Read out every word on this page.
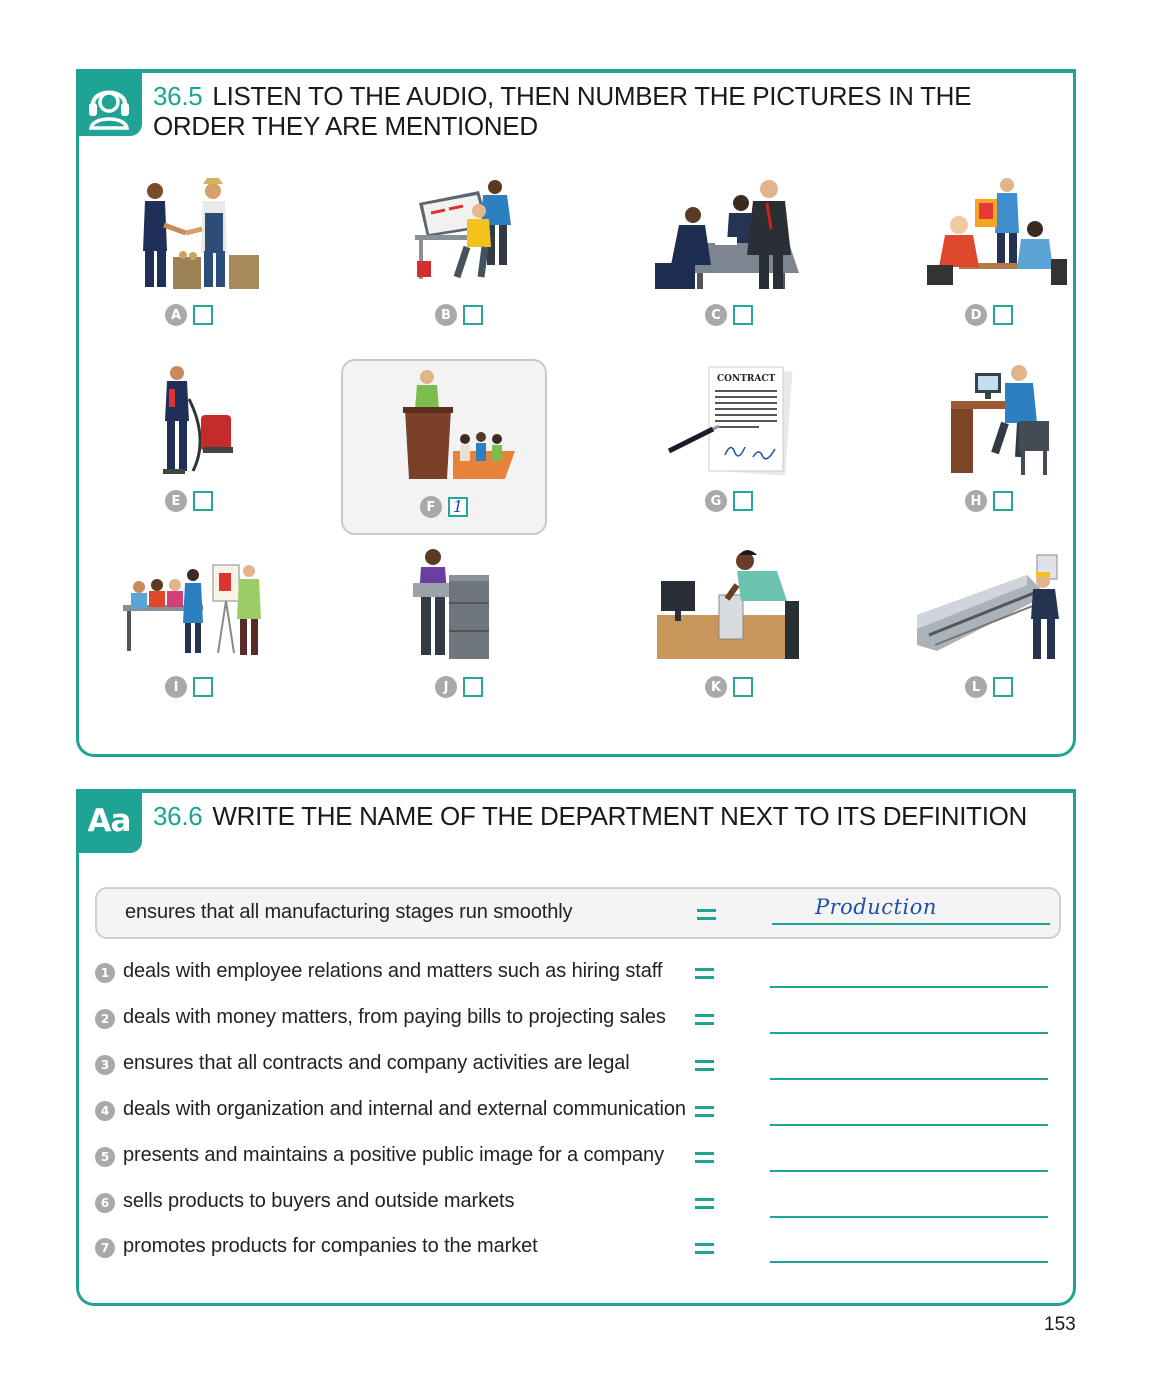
36.5 LISTEN TO THE AUDIO, THEN NUMBER THE PICTURES IN THE ORDER THEY ARE MENTIONED
A	B	C	D
E	F	1
CONTRACT
G	H
I	J	K	L
Aa 36.6 WRITE THE NAME OF THE DEPARTMENT NEXT TO ITS DEFINITION
ensures that all manufacturing stages run smoothly	Production
1 deals with employee relations and matters such as hiring staff
2 deals with money matters, from paying bills to projecting sales
3 ensures that all contracts and company activities are legal
4 deals with organization and internal and external communication
5 presents and maintains a positive public image for a company
6 sells products to buyers and outside markets
7 promotes products for companies to the market
153
